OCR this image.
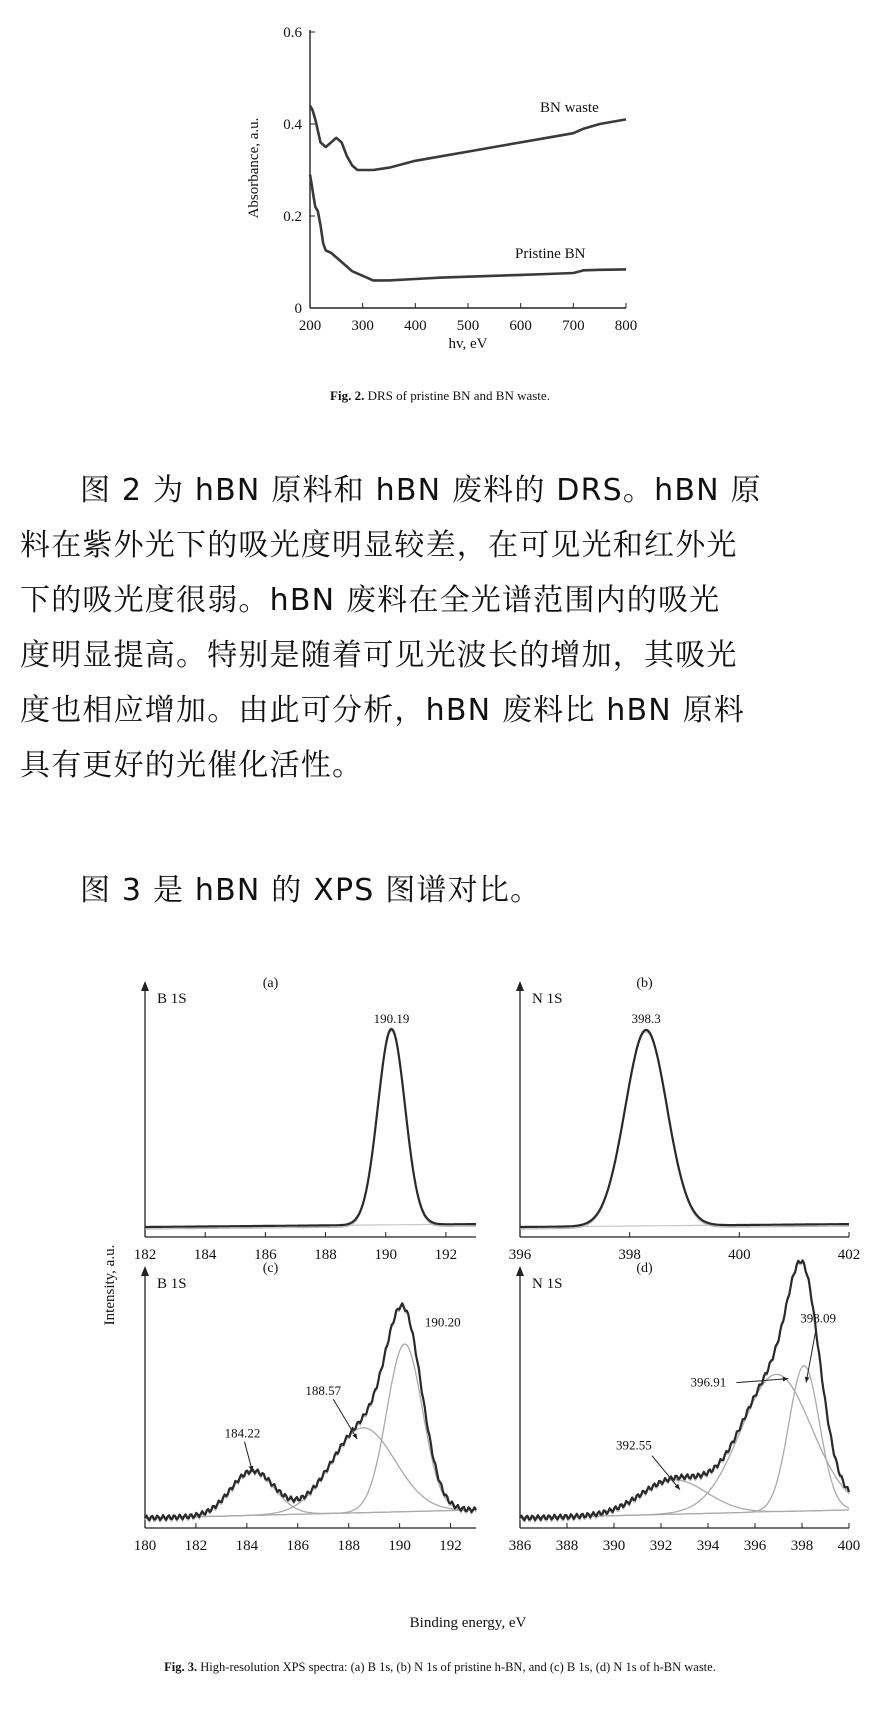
200 300 400 500 600 700 800
0
0.2
0.4
0.6
Absorbance, a.u.
hv, eV
BN waste
Pristine BN
Fig. 2. DRS of pristine BN and BN waste.
图 2 为 hBN 原料和 hBN 废料的 DRS。hBN 原
料在紫外光下的吸光度明显较差，在可见光和红外光
下的吸光度很弱。hBN 废料在全光谱范围内的吸光
度明显提高。特别是随着可见光波长的增加，其吸光
度也相应增加。由此可分析，hBN 废料比 hBN 原料
具有更好的光催化活性。
图 3 是 hBN 的 XPS 图谱对比。
Intensity, a.u.
Binding energy, eV
182	184	186	188	190	192
(a)
B 1S
190.19
396	398	400	402
(b)
N 1S
398.3
180 182 184 186 188 190 192
(c)
B 1S
184.22
188.57
190.20
386 388 390 392 394 396 398 400
(d)
N 1S
392.55
396.91
398.09
Fig. 3. High-resolution XPS spectra: (a) B 1s, (b) N 1s of pristine h-BN, and (c) B 1s, (d) N 1s of h-BN waste.
